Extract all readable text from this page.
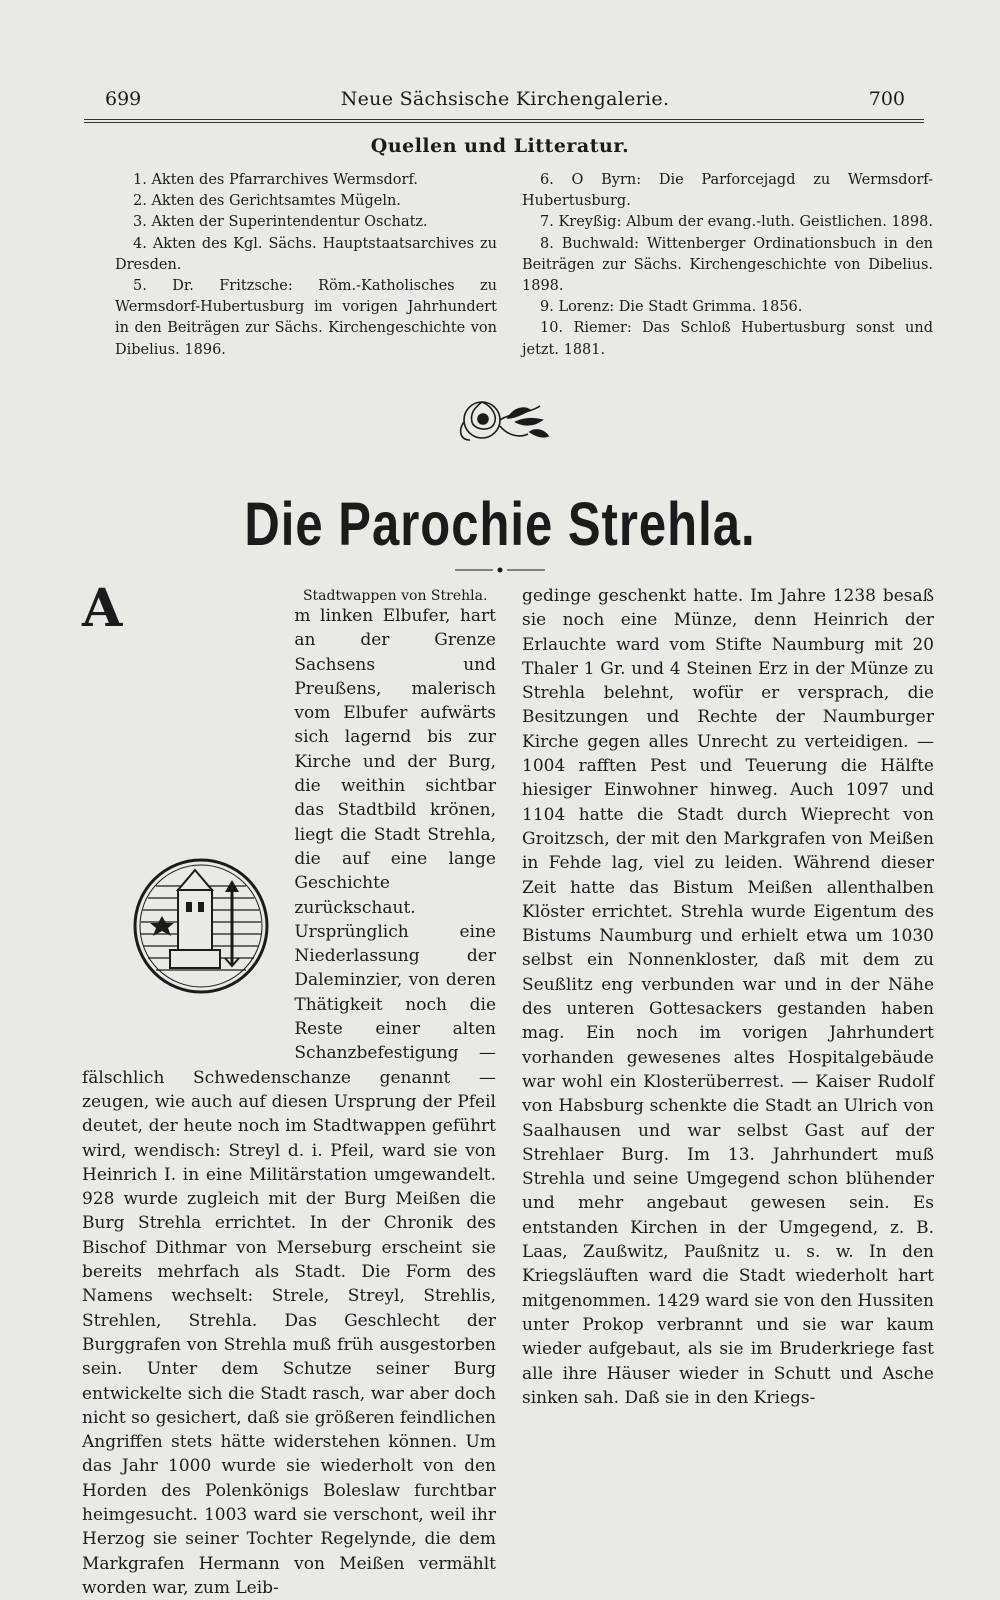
Neue Sächsische Kirchengalerie.
699	700
Quellen und Litteratur.

1. Akten des Pfarrarchives Wermsdorf.

2. Akten des Gerichtsamtes Mügeln.

3. Akten der Superintendentur Oschatz.

4. Akten des Kgl. Sächs. Hauptstaatsarchives zu Dresden.

5. Dr. Fritzsche: Röm.-Katholisches zu Wermsdorf-Hubertusburg im vorigen Jahrhundert in den Beiträgen zur Sächs. Kirchengeschichte von Dibelius. 1896.

6. O Byrn: Die Parforcejagd zu Wermsdorf-Hubertusburg.

7. Kreyßig: Album der evang.-luth. Geistlichen. 1898.

8. Buchwald: Wittenberger Ordinationsbuch in den Beiträgen zur Sächs. Kirchengeschichte von Dibelius. 1898.

9. Lorenz: Die Stadt Grimma. 1856.

10. Riemer: Das Schloß Hubertusburg sonst und jetzt. 1881.

Die Parochie Strehla.

A	Stadtwappen von Strehla.
m linken Elbufer, hart an der Grenze Sachsens und Preußens, malerisch vom Elbufer aufwärts sich lagernd bis zur Kirche und der Burg, die weithin sichtbar das Stadtbild krönen, liegt die Stadt Strehla, die auf eine lange Geschichte zurückschaut. Ursprünglich eine Niederlassung der Daleminzier, von deren Thätigkeit noch die Reste einer alten Schanzbefestigung — fälschlich Schwedenschanze genannt — zeugen, wie auch auf diesen Ursprung der Pfeil deutet, der heute noch im Stadtwappen geführt wird, wendisch: Streyl d. i. Pfeil, ward sie von Heinrich I. in eine Militärstation umgewandelt. 928 wurde zugleich mit der Burg Meißen die Burg Strehla errichtet. In der Chronik des Bischof Dithmar von Merseburg erscheint sie bereits mehrfach als Stadt. Die Form des Namens wechselt: Strele, Streyl, Strehlis, Strehlen, Strehla. Das Geschlecht der Burggrafen von Strehla muß früh ausgestorben sein. Unter dem Schutze seiner Burg entwickelte sich die Stadt rasch, war aber doch nicht so gesichert, daß sie größeren feindlichen Angriffen stets hätte widerstehen können. Um das Jahr 1000 wurde sie wiederholt von den Horden des Polenkönigs Boleslaw furchtbar heimgesucht. 1003 ward sie verschont, weil ihr Herzog sie seiner Tochter Regelynde, die dem Markgrafen Hermann von Meißen vermählt worden war, zum Leib-

gedinge geschenkt hatte. Im Jahre 1238 besaß sie noch eine Münze, denn Heinrich der Erlauchte ward vom Stifte Naumburg mit 20 Thaler 1 Gr. und 4 Steinen Erz in der Münze zu Strehla belehnt, wofür er versprach, die Besitzungen und Rechte der Naumburger Kirche gegen alles Unrecht zu verteidigen. — 1004 rafften Pest und Teuerung die Hälfte hiesiger Einwohner hinweg. Auch 1097 und 1104 hatte die Stadt durch Wieprecht von Groitzsch, der mit den Markgrafen von Meißen in Fehde lag, viel zu leiden. Während dieser Zeit hatte das Bistum Meißen allenthalben Klöster errichtet. Strehla wurde Eigentum des Bistums Naumburg und erhielt etwa um 1030 selbst ein Nonnenkloster, daß mit dem zu Seußlitz eng verbunden war und in der Nähe des unteren Gottesackers gestanden haben mag. Ein noch im vorigen Jahrhundert vorhanden gewesenes altes Hospitalgebäude war wohl ein Klosterüberrest. — Kaiser Rudolf von Habsburg schenkte die Stadt an Ulrich von Saalhausen und war selbst Gast auf der Strehlaer Burg. Im 13. Jahrhundert muß Strehla und seine Umgegend schon blühender und mehr angebaut gewesen sein. Es entstanden Kirchen in der Umgegend, z. B. Laas, Zaußwitz, Paußnitz u. s. w. In den Kriegsläuften ward die Stadt wiederholt hart mitgenommen. 1429 ward sie von den Hussiten unter Prokop verbrannt und sie war kaum wieder aufgebaut, als sie im Bruderkriege fast alle ihre Häuser wieder in Schutt und Asche sinken sah. Daß sie in den Kriegs-
